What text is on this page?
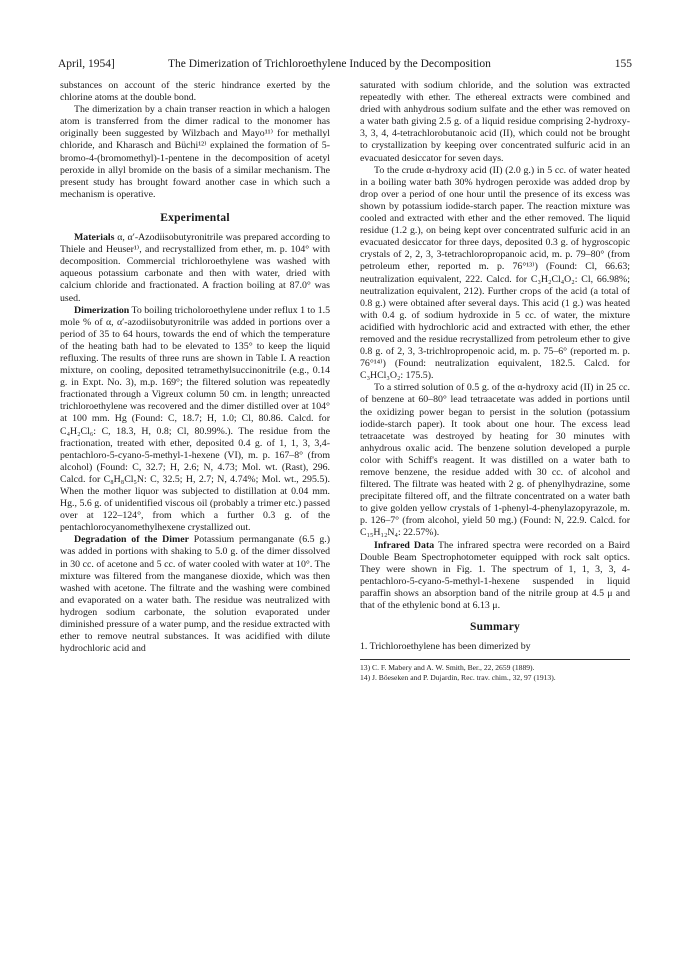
April, 1954]	The Dimerization of Trichloroethylene Induced by the Decomposition	155

substances on account of the steric hindrance exerted by the chlorine atoms at the double bond.

The dimerization by a chain transer reaction in which a halogen atom is transferred from the dimer radical to the monomer has originally been suggested by Wilzbach and Mayo¹¹⁾ for methallyl chloride, and Kharasch and Büchi¹²⁾ explained the formation of 5-bromo-4-(bromomethyl)-1-pentene in the decomposition of acetyl peroxide in allyl bromide on the basis of a similar mechanism. The present study has brought foward another case in which such a mechanism is operative.

Experimental

Materials α, α′-Azodiisobutyronitrile was prepared according to Thiele and Heuser¹⁾, and recrystallized from ether, m. p. 104° with decomposition. Commercial trichloroethylene was washed with aqueous potassium carbonate and then with water, dried with calcium chloride and fractionated. A fraction boiling at 87.0° was used.

Dimerization To boiling tricholoroethylene under reflux 1 to 1.5 mole % of α, α′-azodiisobutyronitrile was added in portions over a period of 35 to 64 hours, towards the end of which the temperature of the heating bath had to be elevated to 135° to keep the liquid refluxing. The results of three runs are shown in Table I. A reaction mixture, on cooling, deposited tetramethylsuccinonitrile (e.g., 0.14 g. in Expt. No. 3), m.p. 169°; the filtered solution was repeatedly fractionated through a Vigreux column 50 cm. in length; unreacted trichloroethylene was recovered and the dimer distilled over at 104° at 100 mm. Hg (Found: C, 18.7; H, 1.0; Cl, 80.86. Calcd. for C₄H₂Cl₆: C, 18.3, H, 0.8; Cl, 80.99%.). The residue from the fractionation, treated with ether, deposited 0.4 g. of 1, 1, 3, 3,4-pentachloro-5-cyano-5-methyl-1-hexene (VI), m. p. 167–8° (from alcohol) (Found: C, 32.7; H, 2.6; N, 4.73; Mol. wt. (Rast), 296. Calcd. for C₈H₈Cl₅N: C, 32.5; H, 2.7; N, 4.74%; Mol. wt., 295.5). When the mother liquor was subjected to distillation at 0.04 mm. Hg., 5.6 g. of unidentified viscous oil (probably a trimer etc.) passed over at 122–124°, from which a further 0.3 g. of the pentachlorocyanomethylhexene crystallized out.

Degradation of the Dimer Potassium permanganate (6.5 g.) was added in portions with shaking to 5.0 g. of the dimer dissolved in 30 cc. of acetone and 5 cc. of water cooled with water at 10°. The mixture was filtered from the manganese dioxide, which was then washed with acetone. The filtrate and the washing were combined and evaporated on a water bath. The residue was neutralized with hydrogen sodium carbonate, the solution evaporated under diminished pressure of a water pump, and the residue extracted with ether to remove neutral substances. It was acidified with dilute hydrochloric acid and

saturated with sodium chloride, and the solution was extracted repeatedly with ether. The ethereal extracts were combined and dried with anhydrous sodium sulfate and the ether was removed on a water bath giving 2.5 g. of a liquid residue comprising 2-hydroxy-3, 3, 4, 4-tetrachlorobutanoic acid (II), which could not be brought to crystallization by keeping over concentrated sulfuric acid in an evacuated desiccator for seven days.

To the crude α-hydroxy acid (II) (2.0 g.) in 5 cc. of water heated in a boiling water bath 30% hydrogen peroxide was added drop by drop over a period of one hour until the presence of its excess was shown by potassium iodide-starch paper. The reaction mixture was cooled and extracted with ether and the ether removed. The liquid residue (1.2 g.), on being kept over concentrated sulfuric acid in an evacuated desiccator for three days, deposited 0.3 g. of hygroscopic crystals of 2, 2, 3, 3-tetrachloropropanoic acid, m. p. 79–80° (from petroleum ether, reported m. p. 76°¹³⁾) (Found: Cl, 66.63; neutralization equivalent, 222. Calcd. for C₃H₂Cl₄O₂: Cl, 66.98%; neutralization equivalent, 212). Further crops of the acid (a total of 0.8 g.) were obtained after several days. This acid (1 g.) was heated with 0.4 g. of sodium hydroxide in 5 cc. of water, the mixture acidified with hydrochloric acid and extracted with ether, the ether removed and the residue recrystallized from petroleum ether to give 0.8 g. of 2, 3, 3-trichlropropenoic acid, m. p. 75–6° (reported m. p. 76°¹⁴⁾) (Found: neutralization equivalent, 182.5. Calcd. for C₃HCl₃O₂: 175.5).

To a stirred solution of 0.5 g. of the α-hydroxy acid (II) in 25 cc. of benzene at 60–80° lead tetraacetate was added in portions until the oxidizing power began to persist in the solution (potassium iodide-starch paper). It took about one hour. The excess lead tetraacetate was destroyed by heating for 30 minutes with anhydrous oxalic acid. The benzene solution developed a purple color with Schiff's reagent. It was distilled on a water bath to remove benzene, the residue added with 30 cc. of alcohol and filtered. The filtrate was heated with 2 g. of phenylhydrazine, some precipitate filtered off, and the filtrate concentrated on a water bath to give golden yellow crystals of 1-phenyl-4-phenylazopyrazole, m. p. 126–7° (from alcohol, yield 50 mg.) (Found: N, 22.9. Calcd. for C₁₅H₁₂N₄: 22.57%).

Infrared Data The infrared spectra were recorded on a Baird Double Beam Spectrophotometer equipped with rock salt optics. They were shown in Fig. 1. The spectrum of 1, 1, 3, 3, 4-pentachloro-5-cyano-5-methyl-1-hexene suspended in liquid paraffin shows an absorption band of the nitrile group at 4.5 μ and that of the ethylenic bond at 6.13 μ.

Summary

1. Trichloroethylene has been dimerized by

13) C. F. Mabery and A. W. Smith, Ber., 22, 2659 (1889).
14) J. Böeseken and P. Dujardin, Rec. trav. chim., 32, 97 (1913).
